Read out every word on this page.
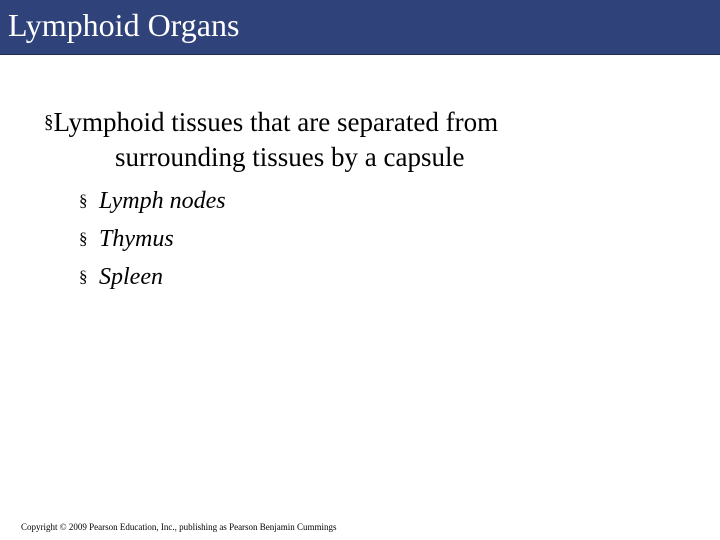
Lymphoid Organs
§Lymphoid tissues that are separated from
surrounding tissues by a capsule
§ Lymph nodes
§ Thymus
§ Spleen
Copyright © 2009 Pearson Education, Inc., publishing as Pearson Benjamin Cummings
